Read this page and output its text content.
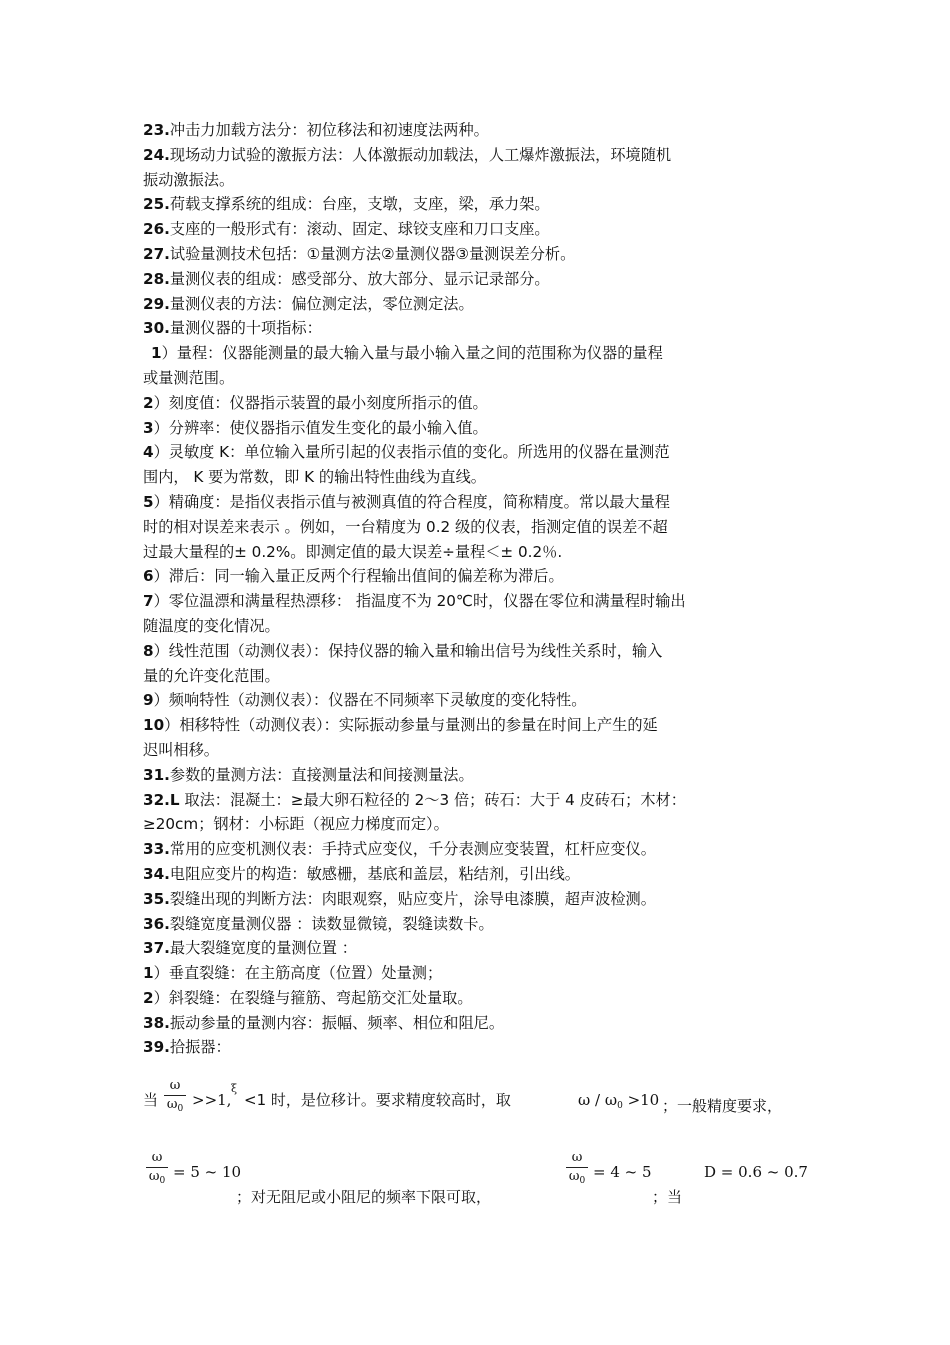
23.冲击力加载方法分：初位移法和初速度法两种。
24.现场动力试验的激振方法：人体激振动加载法，人工爆炸激振法，环境随机
振动激振法。
25.荷载支撑系统的组成：台座，支墩，支座，梁，承力架。
26.支座的一般形式有：滚动、固定、球铰支座和刀口支座。
27.试验量测技术包括：①量测方法②量测仪器③量测误差分析。
28.量测仪表的组成：感受部分、放大部分、显示记录部分。
29.量测仪表的方法：偏位测定法，零位测定法。
30.量测仪器的十项指标：
1）量程：仪器能测量的最大输入量与最小输入量之间的范围称为仪器的量程
或量测范围。
2）刻度值：仪器指示装置的最小刻度所指示的值。
3）分辨率：使仪器指示值发生变化的最小输入值。
4）灵敏度 K：单位输入量所引起的仪表指示值的变化。所选用的仪器在量测范
围内， K 要为常数，即 K 的输出特性曲线为直线。
5）精确度：是指仪表指示值与被测真值的符合程度，简称精度。常以最大量程
时的相对误差来表示 。例如，一台精度为 0.2 级的仪表，指测定值的误差不超
过最大量程的± 0.2%。即测定值的最大误差÷量程＜± 0.2％.
6）滞后：同一输入量正反两个行程输出值间的偏差称为滞后。
7）零位温漂和满量程热漂移： 指温度不为 20℃时，仪器在零位和满量程时输出
随温度的变化情况。
8）线性范围（动测仪表）：保持仪器的输入量和输出信号为线性关系时，输入
量的允许变化范围。
9）频响特性（动测仪表）：仪器在不同频率下灵敏度的变化特性。
10）相移特性（动测仪表）：实际振动参量与量测出的参量在时间上产生的延
迟叫相移。
31.参数的量测方法：直接测量法和间接测量法。
32.L 取法：混凝土：≥最大卵石粒径的 2～3 倍；砖石：大于 4 皮砖石；木材：
≥20cm；钢材：小标距（视应力梯度而定）。
33.常用的应变机测仪表：手持式应变仪，千分表测应变装置，杠杆应变仪。
34.电阻应变片的构造：敏感栅，基底和盖层，粘结剂，引出线。
35.裂缝出现的判断方法：肉眼观察，贴应变片，涂导电漆膜，超声波检测。
36.裂缝宽度量测仪器 ：读数显微镜，裂缝读数卡。
37.最大裂缝宽度的量测位置 ：
1）垂直裂缝：在主筋高度（位置）处量测；
2）斜裂缝：在裂缝与箍筋、弯起筋交汇处量取。
38.振动参量的量测内容：振幅、频率、相位和阻尼。
39.拾振器：
当
ω
$\omega_0 >>1$,
ξ
<1 时，是位移计。要求精度较高时，取	$\omega / \omega_0 >10$ ；一般精度要求，
ω
$\omega_0 = 5$ ~ 10
；对无阻尼或小阻尼的频率下限可取，
ω
$\omega_0 = 4$ ~ 5	D = 0.6 ~ 0.7
；当
